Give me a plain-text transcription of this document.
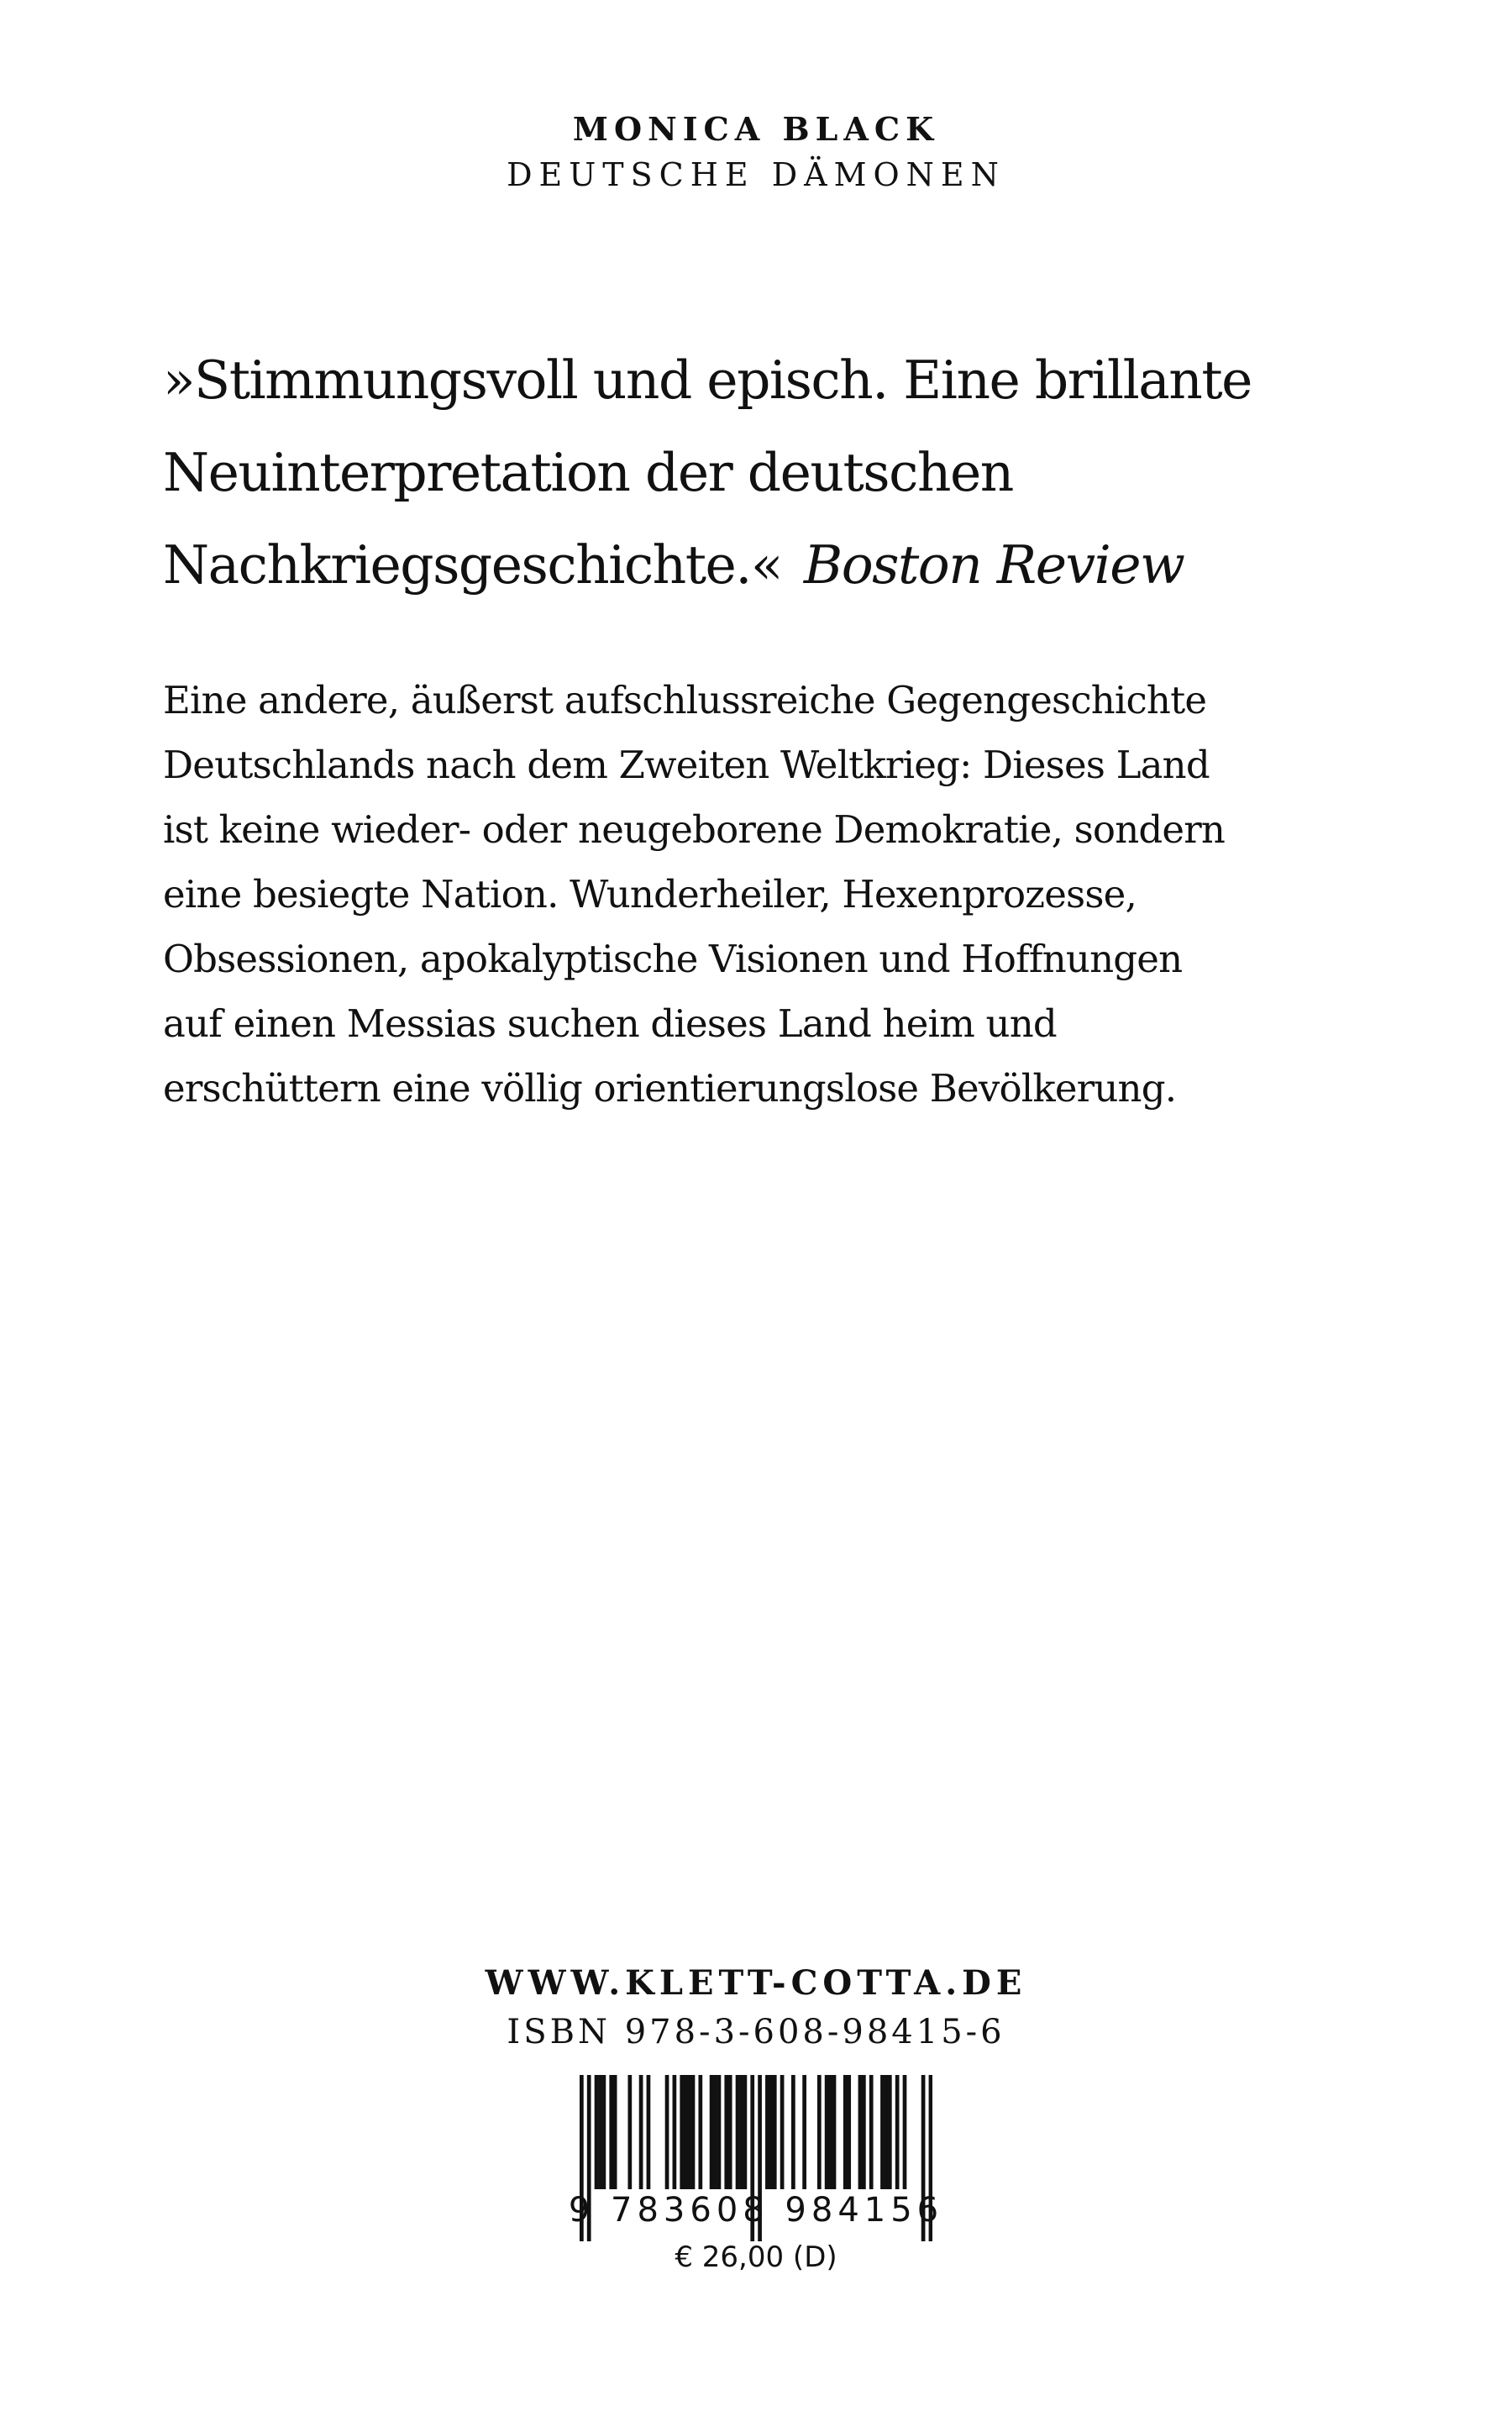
MONICA BLACK
DEUTSCHE DÄMONEN
»Stimmungsvoll und episch. Eine brillante
Neuinterpretation der deutschen
Nachkriegsgeschichte.« Boston Review
Eine andere, äußerst aufschlussreiche Gegengeschichte
Deutschlands nach dem Zweiten Weltkrieg: Dieses Land
ist keine wieder- oder neugeborene Demokratie, sondern
eine besiegte Nation. Wunderheiler, Hexenprozesse,
Obsessionen, apokalyptische Visionen und Hoffnungen
auf einen Messias suchen dieses Land heim und
erschüttern eine völlig orientierungslose Bevölkerung.
WWW.KLETT-COTTA.DE
ISBN 978-3-608-98415-6
9 783608 984156
€ 26,00 (D)
